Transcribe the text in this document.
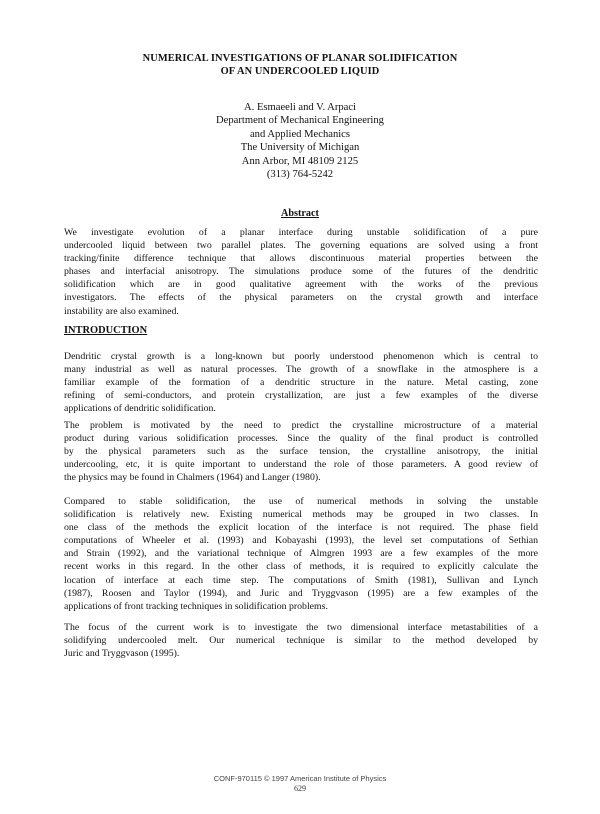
NUMERICAL INVESTIGATIONS OF PLANAR SOLIDIFICATION
OF AN UNDERCOOLED LIQUID
A. Esmaeeli and V. Arpaci
Department of Mechanical Engineering
and Applied Mechanics
The University of Michigan
Ann Arbor, MI 48109 2125
(313) 764-5242
Abstract
We investigate evolution of a planar interface during unstable solidification of a pure
undercooled liquid between two parallel plates. The governing equations are solved using a front
tracking/finite difference technique that allows discontinuous material properties between the
phases and interfacial anisotropy. The simulations produce some of the futures of the dendritic
solidification which are in good qualitative agreement with the works of the previous
investigators. The effects of the physical parameters on the crystal growth and interface
instability are also examined.
INTRODUCTION
Dendritic crystal growth is a long-known but poorly understood phenomenon which is central to
many industrial as well as natural processes. The growth of a snowflake in the atmosphere is a
familiar example of the formation of a dendritic structure in the nature. Metal casting, zone
refining of semi-conductors, and protein crystallization, are just a few examples of the diverse
applications of dendritic solidification.
The problem is motivated by the need to predict the crystalline microstructure of a material
product during various solidification processes. Since the quality of the final product is controlled
by the physical parameters such as the surface tension, the crystalline anisotropy, the initial
undercooling, etc, it is quite important to understand the role of those parameters. A good review of
the physics may be found in Chalmers (1964) and Langer (1980).
Compared to stable solidification, the use of numerical methods in solving the unstable
solidification is relatively new. Existing numerical methods may be grouped in two classes. In
one class of the methods the explicit location of the interface is not required. The phase field
computations of Wheeler et al. (1993) and Kobayashi (1993), the level set computations of Sethian
and Strain (1992), and the variational technique of Almgren 1993 are a few examples of the more
recent works in this regard. In the other class of methods, it is required to explicitly calculate the
location of interface at each time step. The computations of Smith (1981), Sullivan and Lynch
(1987), Roosen and Taylor (1994), and Juric and Tryggvason (1995) are a few examples of the
applications of front tracking techniques in solidification problems.
The focus of the current work is to investigate the two dimensional interface metastabilities of a
solidifying undercooled melt. Our numerical technique is similar to the method developed by
Juric and Tryggvason (1995).
CONF-970115 © 1997 American Institute of Physics
629
